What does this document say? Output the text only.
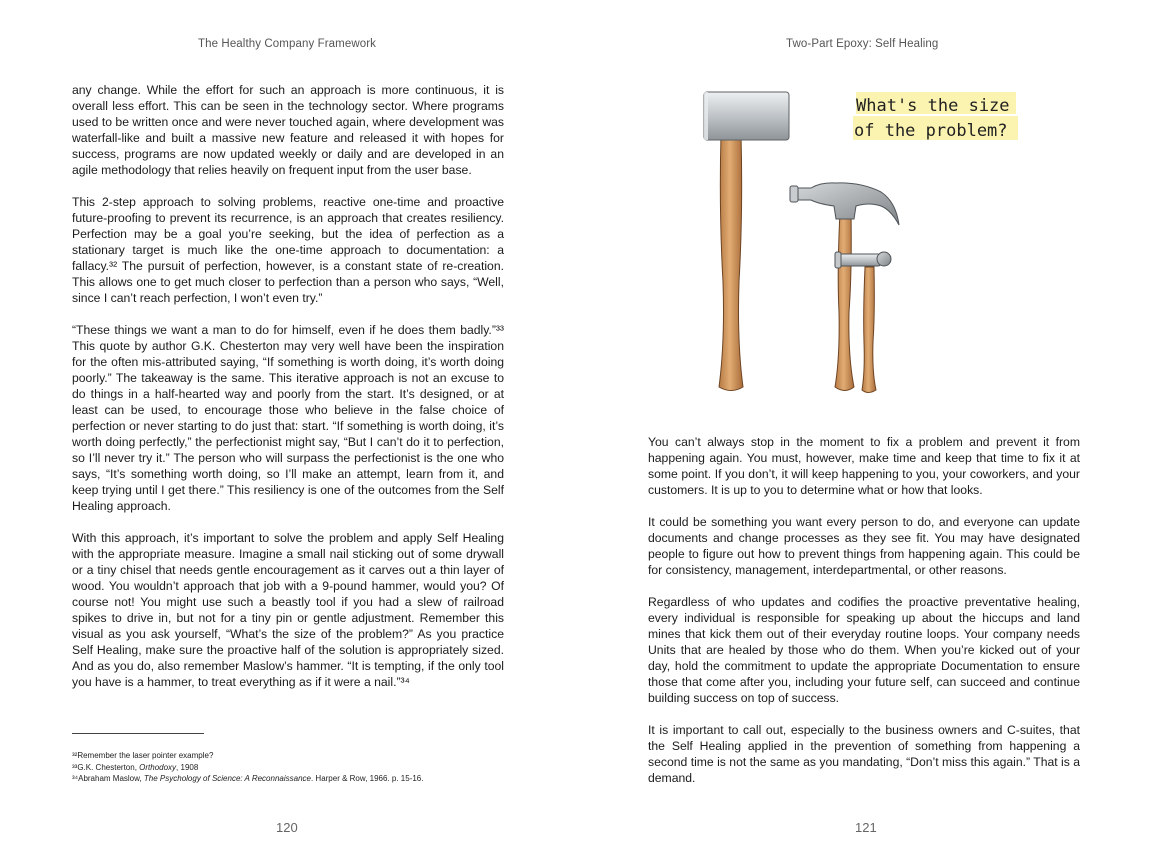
The Healthy Company Framework

any change. While the effort for such an approach is more continuous, it is overall less effort. This can be seen in the technology sector. Where programs used to be written once and were never touched again, where development was waterfall-like and built a massive new feature and released it with hopes for success, programs are now updated weekly or daily and are developed in an agile methodology that relies heavily on frequent input from the user base.

This 2-step approach to solving problems, reactive one-time and proactive future-proofing to prevent its recurrence, is an approach that creates resiliency. Perfection may be a goal you’re seeking, but the idea of perfection as a stationary target is much like the one-time approach to documentation: a fallacy.³² The pursuit of perfection, however, is a constant state of re-creation. This allows one to get much closer to perfection than a person who says, “Well, since I can’t reach perfection, I won’t even try.”

“These things we want a man to do for himself, even if he does them badly.”³³ This quote by author G.K. Chesterton may very well have been the inspiration for the often mis-attributed saying, “If something is worth doing, it’s worth doing poorly.” The takeaway is the same. This iterative approach is not an excuse to do things in a half-hearted way and poorly from the start. It’s designed, or at least can be used, to encourage those who believe in the false choice of perfection or never starting to do just that: start. “If something is worth doing, it’s worth doing perfectly,” the perfectionist might say, “But I can’t do it to perfection, so I’ll never try it.” The person who will surpass the perfectionist is the one who says, “It’s something worth doing, so I’ll make an attempt, learn from it, and keep trying until I get there.” This resiliency is one of the outcomes from the Self Healing approach.

With this approach, it’s important to solve the problem and apply Self Healing with the appropriate measure. Imagine a small nail sticking out of some drywall or a tiny chisel that needs gentle encouragement as it carves out a thin layer of wood. You wouldn’t approach that job with a 9-pound hammer, would you? Of course not! You might use such a beastly tool if you had a slew of railroad spikes to drive in, but not for a tiny pin or gentle adjustment. Remember this visual as you ask yourself, “What’s the size of the problem?” As you practice Self Healing, make sure the proactive half of the solution is appropriately sized. And as you do, also remember Maslow’s hammer. “It is tempting, if the only tool you have is a hammer, to treat everything as if it were a nail.”³⁴

³²Remember the laser pointer example?
³³G.K. Chesterton, Orthodoxy, 1908
³⁴Abraham Maslow, The Psychology of Science: A Reconnaissance. Harper & Row, 1966. p. 15-16.
120
Two-Part Epoxy: Self Healing
What's the size
of the problem?

You can’t always stop in the moment to fix a problem and prevent it from happening again. You must, however, make time and keep that time to fix it at some point. If you don’t, it will keep happening to you, your coworkers, and your customers. It is up to you to determine what or how that looks.

It could be something you want every person to do, and everyone can update documents and change processes as they see fit. You may have designated people to figure out how to prevent things from happening again. This could be for consistency, management, interdepartmental, or other reasons.

Regardless of who updates and codifies the proactive preventative healing, every individual is responsible for speaking up about the hiccups and land mines that kick them out of their everyday routine loops. Your company needs Units that are healed by those who do them. When you’re kicked out of your day, hold the commitment to update the appropriate Documentation to ensure those that come after you, including your future self, can succeed and continue building success on top of success.

It is important to call out, especially to the business owners and C-suites, that the Self Healing applied in the prevention of something from happening a second time is not the same as you mandating, “Don’t miss this again.” That is a demand.

121
